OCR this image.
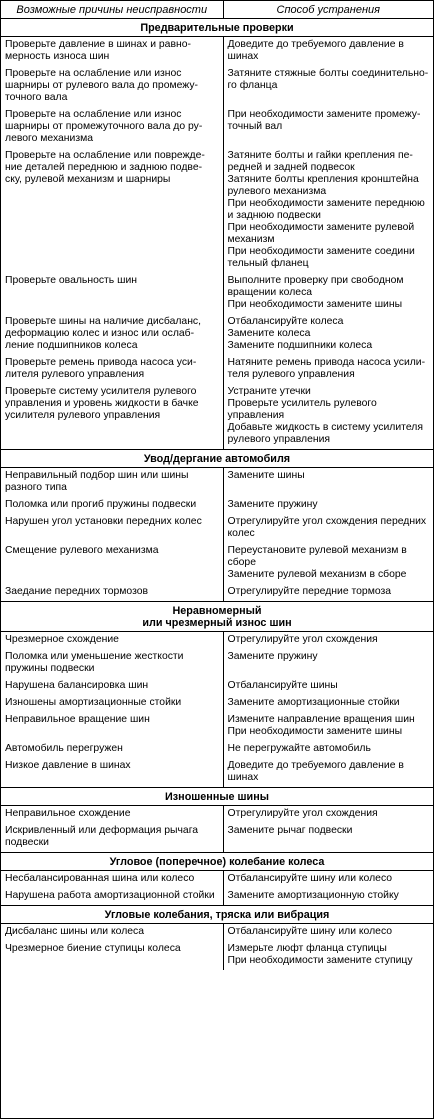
Возможные причины неисправности	Способ устранения
Предварительные проверки	
Проверьте давление в шинах и равно-мерность износа шин	Доведите до требуемого давление в шинах

Проверьте на ослабление или износ шарниры от рулевого вала до промежу-точного вала	Затяните стяжные болты соединительно-го фланца

Проверьте на ослабление или износ шарниры от промежуточного вала до ру-левого механизма	При необходимости замените промежу-точный вал

Проверьте на ослабление или поврежде-ние деталей переднюю и заднюю подве-ску, рулевой механизм и шарниры	Затяните болты и гайки крепления пе-редней и задней подвесок
Затяните болты крепления кронштейна рулевого механизма
При необходимости замените переднюю и заднюю подвески
При необходимости замените рулевой механизм
При необходимости замените соедини тельный фланец

Проверьте овальность шин	Выполните проверку при свободном вращении колеса
При необходимости замените шины

Проверьте шины на наличие дисбаланс, деформацию колес и износ или ослаб-ление подшипников колеса	Отбалансируйте колеса
Замените колеса
Замените подшипники колеса

Проверьте ремень привода насоса уси-лителя рулевого управления	Натяните ремень привода насоса усили-теля рулевого управления

Проверьте систему усилителя рулевого управления и уровень жидкости в бачке усилителя рулевого управления	Устраните утечки
Проверьте усилитель рулевого управления
Добавьте жидкость в систему усилителя рулевого управления

Увод/дергание автомобиля	
Неправильный подбор шин или шины разного типа	Замените шины

Поломка или прогиб пружины подвески	Замените пружину

Нарушен угол установки передних колес	Отрегулируйте угол схождения передних колес

Смещение рулевого механизма	Переустановите рулевой механизм в сборе
Замените рулевой механизм в сборе

Заедание передних тормозов	Отрегулируйте передние тормоза

Неравномерный
или чрезмерный износ шин	

Чрезмерное схождение	Отрегулируйте угол схождения

Поломка или уменьшение жесткости пружины подвески	Замените пружину

Нарушена балансировка шин	Отбалансируйте шины

Изношены амортизационные стойки	Замените амортизационные стойки

Неправильное вращение шин	Измените направление вращения шин
При необходимости замените шины

Автомобиль перегружен	Не перегружайте автомобиль

Низкое давление в шинах	Доведите до требуемого давление в шинах

Изношенные шины	
Неправильное схождение	Отрегулируйте угол схождения

Искривленный или деформация рычага подвески	Замените рычаг подвески

Угловое (поперечное) колебание колеса	
Несбалансированная шина или колесо	Отбалансируйте шину или колесо

Нарушена работа амортизационной стойки	Замените амортизационную стойку

Угловые колебания, тряска или вибрация	
Дисбаланс шины или колеса	Отбалансируйте шину или колесо

Чрезмерное биение ступицы колеса	Измерьте люфт фланца ступицы
При необходимости замените ступицу
